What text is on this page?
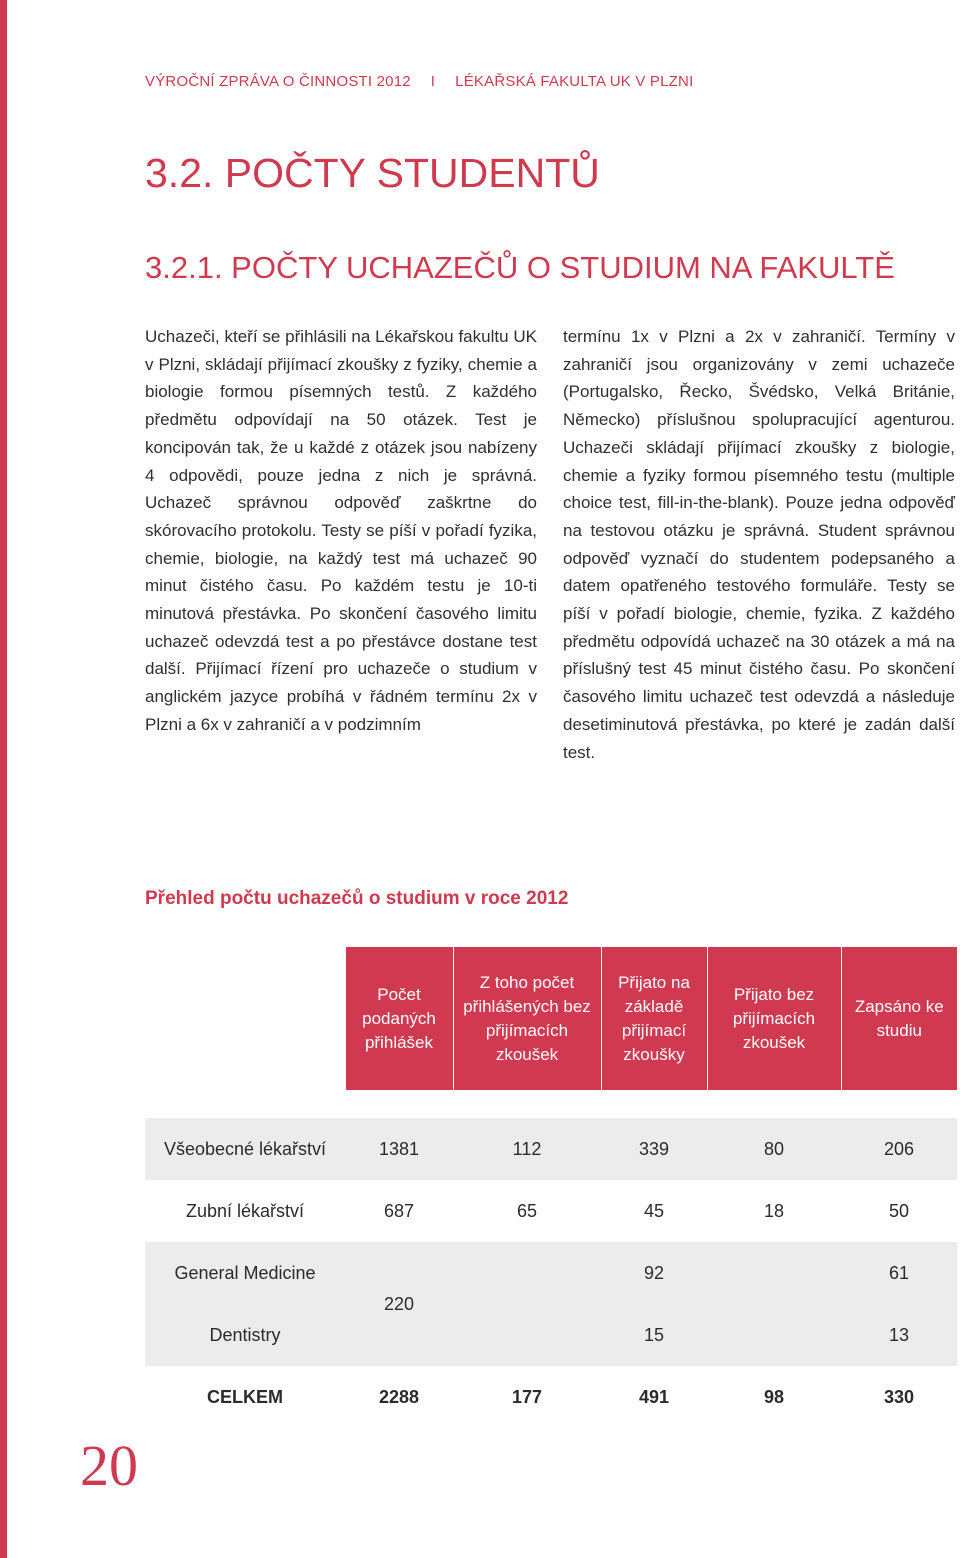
VÝROČNÍ ZPRÁVA O ČINNOSTI 2012 I LÉKAŘSKÁ FAKULTA UK V PLZNI
3.2. POČTY STUDENTŮ
3.2.1. POČTY UCHAZEČŮ O STUDIUM NA FAKULTĚ

Uchazeči, kteří se přihlásili na Lékařskou fakultu UK v Plzni, skládají přijímací zkoušky z fyziky, chemie a biologie formou písemných testů. Z každého předmětu odpovídají na 50 otázek. Test je koncipován tak, že u každé z otázek jsou nabízeny 4 odpovědi, pouze jedna z nich je správná. Uchazeč správnou odpověď zaškrtne do skórovacího protokolu. Testy se píší v pořadí fyzika, chemie, biologie, na každý test má uchazeč 90 minut čistého času. Po každém testu je 10-ti minutová přestávka. Po skončení časového limitu uchazeč odevzdá test a po přestávce dostane test další. Přijímací řízení pro uchazeče o studium v anglickém jazyce probíhá v řádném termínu 2x v Plzni a 6x v zahraničí a v podzimním

termínu 1x v Plzni a 2x v zahraničí. Termíny v zahraničí jsou organizovány v zemi uchazeče (Portugalsko, Řecko, Švédsko, Velká Británie, Německo) příslušnou spolupracující agenturou. Uchazeči skládají přijímací zkoušky z biologie, chemie a fyziky formou písemného testu (multiple choice test, fill-in-the-blank). Pouze jedna odpověď na testovou otázku je správná. Student správnou odpověď vyznačí do studentem podepsaného a datem opatřeného testového formuláře. Testy se píší v pořadí biologie, chemie, fyzika. Z každého předmětu odpovídá uchazeč na 30 otázek a má na příslušný test 45 minut čistého času. Po skončení časového limitu uchazeč test odevzdá a následuje desetiminutová přestávka, po které je zadán další test.

Přehled počtu uchazečů o studium v roce 2012

	Počet podaných přihlášek	Z toho počet přihlášených bez přijímacích zkoušek	Přijato na základě přijímací zkoušky	Přijato bez přijímacích zkoušek	Zapsáno ke studiu

Všeobecné lékařství	1381	112	339	80	206
Zubní lékařství	687	65	45	18	50
General Medicine	220		92		61
Dentistry			15		13
CELKEM	2288	177	491	98	330
20
